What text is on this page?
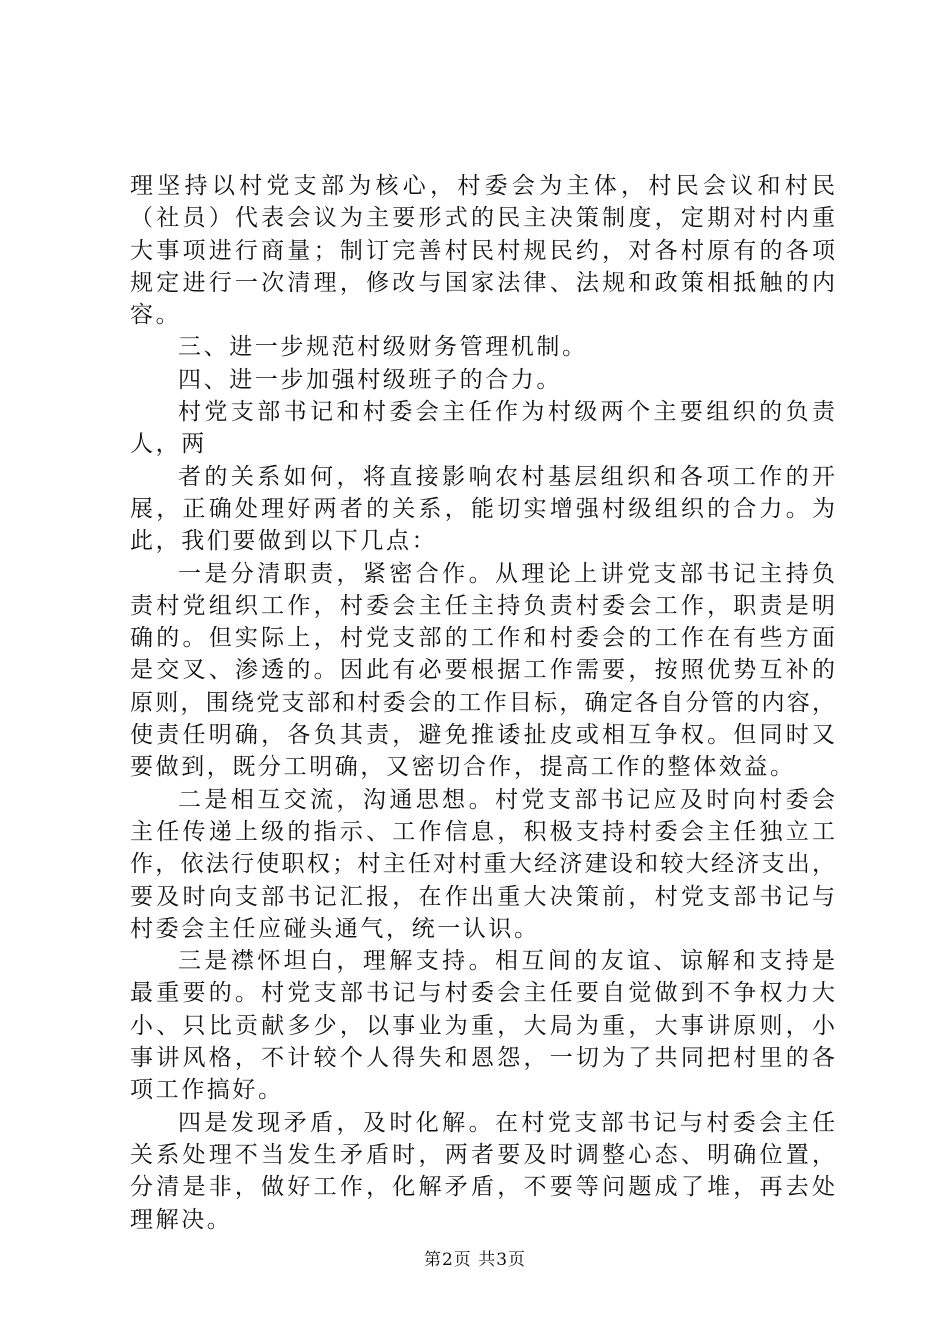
理坚持以村党支部为核心，村委会为主体，村民会议和村民
（社员）代表会议为主要形式的民主决策制度，定期对村内重
大事项进行商量；制订完善村民村规民约，对各村原有的各项
规定进行一次清理，修改与国家法律、法规和政策相抵触的内
容。
三、进一步规范村级财务管理机制。
四、进一步加强村级班子的合力。
村党支部书记和村委会主任作为村级两个主要组织的负责
人，两
者的关系如何，将直接影响农村基层组织和各项工作的开
展，正确处理好两者的关系，能切实增强村级组织的合力。为
此，我们要做到以下几点：
一是分清职责，紧密合作。从理论上讲党支部书记主持负
责村党组织工作，村委会主任主持负责村委会工作，职责是明
确的。但实际上，村党支部的工作和村委会的工作在有些方面
是交叉、渗透的。因此有必要根据工作需要，按照优势互补的
原则，围绕党支部和村委会的工作目标，确定各自分管的内容，
使责任明确，各负其责，避免推诿扯皮或相互争权。但同时又
要做到，既分工明确，又密切合作，提高工作的整体效益。
二是相互交流，沟通思想。村党支部书记应及时向村委会
主任传递上级的指示、工作信息，积极支持村委会主任独立工
作，依法行使职权；村主任对村重大经济建设和较大经济支出，
要及时向支部书记汇报，在作出重大决策前，村党支部书记与
村委会主任应碰头通气，统一认识。
三是襟怀坦白，理解支持。相互间的友谊、谅解和支持是
最重要的。村党支部书记与村委会主任要自觉做到不争权力大
小、只比贡献多少，以事业为重，大局为重，大事讲原则，小
事讲风格，不计较个人得失和恩怨，一切为了共同把村里的各
项工作搞好。
四是发现矛盾，及时化解。在村党支部书记与村委会主任
关系处理不当发生矛盾时，两者要及时调整心态、明确位置，
分清是非，做好工作，化解矛盾，不要等问题成了堆，再去处
理解决。
第2页 共3页
